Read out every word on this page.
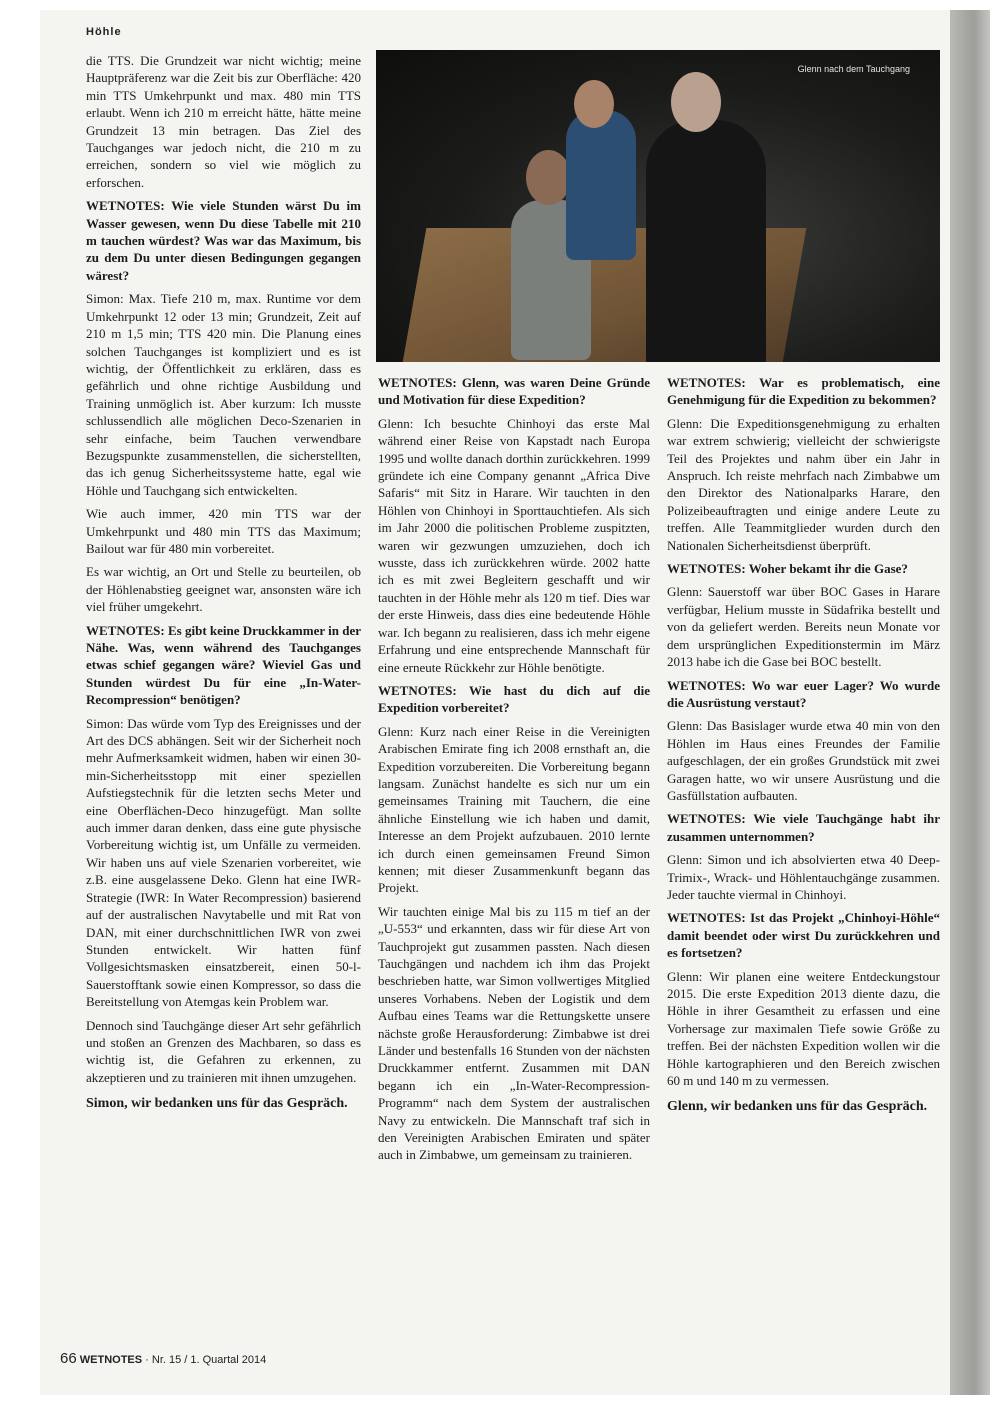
Höhle

die TTS. Die Grundzeit war nicht wichtig; meine Hauptpräferenz war die Zeit bis zur Oberfläche: 420 min TTS Umkehrpunkt und max. 480 min TTS erlaubt. Wenn ich 210 m erreicht hätte, hätte meine Grundzeit 13 min betragen. Das Ziel des Tauchganges war jedoch nicht, die 210 m zu erreichen, sondern so viel wie möglich zu erforschen.

WETNOTES: Wie viele Stunden wärst Du im Wasser gewesen, wenn Du diese Tabelle mit 210 m tauchen würdest? Was war das Maximum, bis zu dem Du unter diesen Bedingungen gegangen wärest?

Simon: Max. Tiefe 210 m, max. Runtime vor dem Umkehrpunkt 12 oder 13 min; Grundzeit, Zeit auf 210 m 1,5 min; TTS 420 min. Die Planung eines solchen Tauchganges ist kompliziert und es ist wichtig, der Öffentlichkeit zu erklären, dass es gefährlich und ohne richtige Ausbildung und Training unmöglich ist. Aber kurzum: Ich musste schlussendlich alle möglichen Deco-Szenarien in sehr einfache, beim Tauchen verwendbare Bezugspunkte zusammenstellen, die sicherstellten, das ich genug Sicherheitssysteme hatte, egal wie Höhle und Tauchgang sich entwickelten.

Wie auch immer, 420 min TTS war der Umkehrpunkt und 480 min TTS das Maximum; Bailout war für 480 min vorbereitet.

Es war wichtig, an Ort und Stelle zu beurteilen, ob der Höhlenabstieg geeignet war, ansonsten wäre ich viel früher umgekehrt.

WETNOTES: Es gibt keine Druckkammer in der Nähe. Was, wenn während des Tauchganges etwas schief gegangen wäre? Wieviel Gas und Stunden würdest Du für eine „In-Water-Recompression“ benötigen?

Simon: Das würde vom Typ des Ereignisses und der Art des DCS abhängen. Seit wir der Sicherheit noch mehr Aufmerksamkeit widmen, haben wir einen 30-min-Sicherheitsstopp mit einer speziellen Aufstiegstechnik für die letzten sechs Meter und eine Oberflächen-Deco hinzugefügt. Man sollte auch immer daran denken, dass eine gute physische Vorbereitung wichtig ist, um Unfälle zu vermeiden. Wir haben uns auf viele Szenarien vorbereitet, wie z.B. eine ausgelassene Deko. Glenn hat eine IWR-Strategie (IWR: In Water Recompression) basierend auf der australischen Navytabelle und mit Rat von DAN, mit einer durchschnittlichen IWR von zwei Stunden entwickelt. Wir hatten fünf Vollgesichtsmasken einsatzbereit, einen 50-l-Sauerstofftank sowie einen Kompressor, so dass die Bereitstellung von Atemgas kein Problem war.

Dennoch sind Tauchgänge dieser Art sehr gefährlich und stoßen an Grenzen des Machbaren, so dass es wichtig ist, die Gefahren zu erkennen, zu akzeptieren und zu trainieren mit ihnen umzugehen.

Simon, wir bedanken uns für das Gespräch.

Glenn nach dem Tauchgang

WETNOTES: Glenn, was waren Deine Gründe und Motivation für diese Expedition?

Glenn: Ich besuchte Chinhoyi das erste Mal während einer Reise von Kapstadt nach Europa 1995 und wollte danach dorthin zurückkehren. 1999 gründete ich eine Company genannt „Africa Dive Safaris“ mit Sitz in Harare. Wir tauchten in den Höhlen von Chinhoyi in Sporttauchtiefen. Als sich im Jahr 2000 die politischen Probleme zuspitzten, waren wir gezwungen umzuziehen, doch ich wusste, dass ich zurückkehren würde. 2002 hatte ich es mit zwei Begleitern geschafft und wir tauchten in der Höhle mehr als 120 m tief. Dies war der erste Hinweis, dass dies eine bedeutende Höhle war. Ich begann zu realisieren, dass ich mehr eigene Erfahrung und eine entsprechende Mannschaft für eine erneute Rückkehr zur Höhle benötigte.

WETNOTES: Wie hast du dich auf die Expedition vorbereitet?

Glenn: Kurz nach einer Reise in die Vereinigten Arabischen Emirate fing ich 2008 ernsthaft an, die Expedition vorzubereiten. Die Vorbereitung begann langsam. Zunächst handelte es sich nur um ein gemeinsames Training mit Tauchern, die eine ähnliche Einstellung wie ich haben und damit, Interesse an dem Projekt aufzubauen. 2010 lernte ich durch einen gemeinsamen Freund Simon kennen; mit dieser Zusammenkunft begann das Projekt.

Wir tauchten einige Mal bis zu 115 m tief an der „U-553“ und erkannten, dass wir für diese Art von Tauchprojekt gut zusammen passten. Nach diesen Tauchgängen und nachdem ich ihm das Projekt beschrieben hatte, war Simon vollwertiges Mitglied unseres Vorhabens. Neben der Logistik und dem Aufbau eines Teams war die Rettungskette unsere nächste große Herausforderung: Zimbabwe ist drei Länder und bestenfalls 16 Stunden von der nächsten Druckkammer entfernt. Zusammen mit DAN begann ich ein „In-Water-Recompression-Programm“ nach dem System der australischen Navy zu entwickeln. Die Mannschaft traf sich in den Vereinigten Arabischen Emiraten und später auch in Zimbabwe, um gemeinsam zu trainieren.

WETNOTES: War es problematisch, eine Genehmigung für die Expedition zu bekommen?

Glenn: Die Expeditionsgenehmigung zu erhalten war extrem schwierig; vielleicht der schwierigste Teil des Projektes und nahm über ein Jahr in Anspruch. Ich reiste mehrfach nach Zimbabwe um den Direktor des Nationalparks Harare, den Polizeibeauftragten und einige andere Leute zu treffen. Alle Teammitglieder wurden durch den Nationalen Sicherheitsdienst überprüft.

WETNOTES: Woher bekamt ihr die Gase?

Glenn: Sauerstoff war über BOC Gases in Harare verfügbar, Helium musste in Südafrika bestellt und von da geliefert werden. Bereits neun Monate vor dem ursprünglichen Expeditionstermin im März 2013 habe ich die Gase bei BOC bestellt.

WETNOTES: Wo war euer Lager? Wo wurde die Ausrüstung verstaut?

Glenn: Das Basislager wurde etwa 40 min von den Höhlen im Haus eines Freundes der Familie aufgeschlagen, der ein großes Grundstück mit zwei Garagen hatte, wo wir unsere Ausrüstung und die Gasfüllstation aufbauten.

WETNOTES: Wie viele Tauchgänge habt ihr zusammen unternommen?

Glenn: Simon und ich absolvierten etwa 40 Deep-Trimix-, Wrack- und Höhlentauchgänge zusammen. Jeder tauchte viermal in Chinhoyi.

WETNOTES: Ist das Projekt „Chinhoyi-Höhle“ damit beendet oder wirst Du zurückkehren und es fortsetzen?

Glenn: Wir planen eine weitere Entdeckungstour 2015. Die erste Expedition 2013 diente dazu, die Höhle in ihrer Gesamtheit zu erfassen und eine Vorhersage zur maximalen Tiefe sowie Größe zu treffen. Bei der nächsten Expedition wollen wir die Höhle kartographieren und den Bereich zwischen 60 m und 140 m zu vermessen.

Glenn, wir bedanken uns für das Gespräch.

66 WETNOTES · Nr. 15 / 1. Quartal 2014
